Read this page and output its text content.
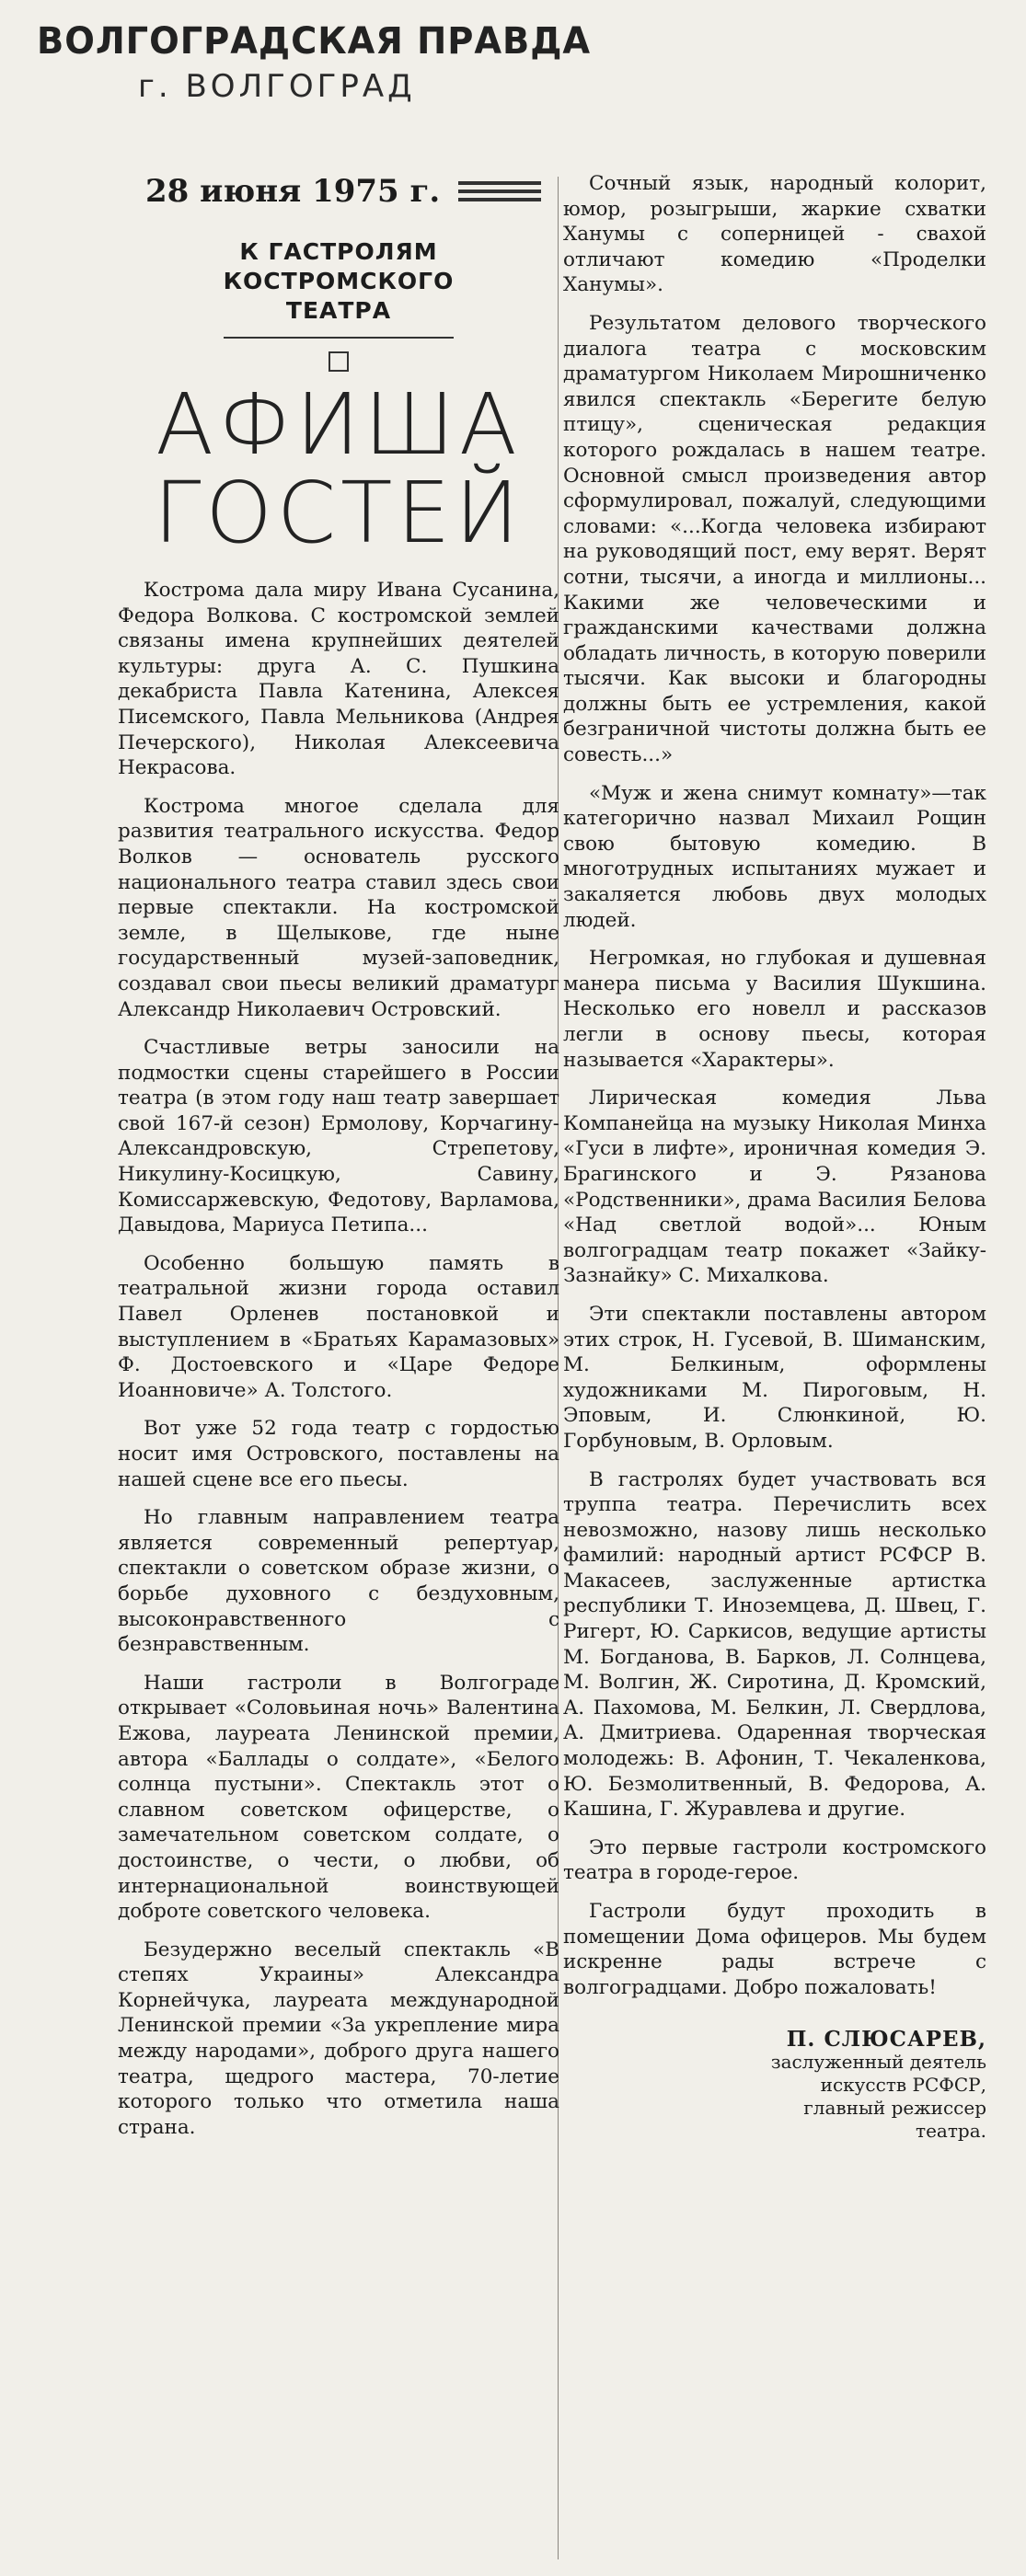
ВОЛГОГРАДСКАЯ ПРАВДА
г. ВОЛГОГРАД
28 июня 1975 г.
К ГАСТРОЛЯМ
КОСТРОМСКОГО
ТЕАТРА
АФИША
ГОСТЕЙ

Кострома дала миру Ивана Сусанина, Федора Волкова. С костромской землей связаны имена крупнейших деятелей культуры: друга А. С. Пушкина декабриста Павла Катенина, Алексея Писемского, Павла Мельникова (Андрея Печерского), Николая Алексеевича Некрасова.

Кострома многое сделала для развития театрального искусства. Федор Волков — основатель русского национального театра ставил здесь свои первые спектакли. На костромской земле, в Щелыкове, где ныне государственный музей-заповедник, создавал свои пьесы великий драматург Александр Николаевич Островский.

Счастливые ветры заносили на подмостки сцены старейшего в России театра (в этом году наш театр завершает свой 167-й сезон) Ермолову, Корчагину-Александровскую, Стрепетову, Никулину-Косицкую, Савину, Комиссаржевскую, Федотову, Варламова, Давыдова, Мариуса Петипа...

Особенно большую память в театральной жизни города оставил Павел Орленев постановкой и выступлением в «Братьях Карамазовых» Ф. Достоевского и «Царе Федоре Иоанновиче» А. Толстого.

Вот уже 52 года театр с гордостью носит имя Островского, поставлены на нашей сцене все его пьесы.

Но главным направлением театра является современный репертуар, спектакли о советском образе жизни, о борьбе духовного с бездуховным, высоконравственного с безнравственным.

Наши гастроли в Волгограде открывает «Соловьиная ночь» Валентина Ежова, лауреата Ленинской премии, автора «Баллады о солдате», «Белого солнца пустыни». Спектакль этот о славном советском офицерстве, о замечательном советском солдате, о достоинстве, о чести, о любви, об интернациональной воинствующей доброте советского человека.

Безудержно веселый спектакль «В степях Украины» Александра Корнейчука, лауреата международной Ленинской премии «За укрепление мира между народами», доброго друга нашего театра, щедрого мастера, 70-летие которого только что отметила наша страна.

Сочный язык, народный колорит, юмор, розыгрыши, жаркие схватки Ханумы с соперницей - свахой отличают комедию «Проделки Ханумы».

Результатом делового творческого диалога театра с московским драматургом Николаем Мирошниченко явился спектакль «Берегите белую птицу», сценическая редакция которого рождалась в нашем театре. Основной смысл произведения автор сформулировал, пожалуй, следующими словами: «...Когда человека избирают на руководящий пост, ему верят. Верят сотни, тысячи, а иногда и миллионы... Какими же человеческими и гражданскими качествами должна обладать личность, в которую поверили тысячи. Как высоки и благородны должны быть ее устремления, какой безграничной чистоты должна быть ее совесть...»

«Муж и жена снимут комнату»—так категорично назвал Михаил Рощин свою бытовую комедию. В многотрудных испытаниях мужает и закаляется любовь двух молодых людей.

Негромкая, но глубокая и душевная манера письма у Василия Шукшина. Несколько его новелл и рассказов легли в основу пьесы, которая называется «Характеры».

Лирическая комедия Льва Компанейца на музыку Николая Минха «Гуси в лифте», ироничная комедия Э. Брагинского и Э. Рязанова «Родственники», драма Василия Белова «Над светлой водой»... Юным волгоградцам театр покажет «Зайку-Зазнайку» С. Михалкова.

Эти спектакли поставлены автором этих строк, Н. Гусевой, В. Шиманским, М. Белкиным, оформлены художниками М. Пироговым, Н. Эповым, И. Слюнкиной, Ю. Горбуновым, В. Орловым.

В гастролях будет участвовать вся труппа театра. Перечислить всех невозможно, назову лишь несколько фамилий: народный артист РСФСР В. Макасеев, заслуженные артистка республики Т. Иноземцева, Д. Швец, Г. Ригерт, Ю. Саркисов, ведущие артисты М. Богданова, В. Барков, Л. Солнцева, М. Волгин, Ж. Сиротина, Д. Кромский, А. Пахомова, М. Белкин, Л. Свердлова, А. Дмитриева. Одаренная творческая молодежь: В. Афонин, Т. Чекаленкова, Ю. Безмолитвенный, В. Федорова, А. Кашина, Г. Журавлева и другие.

Это первые гастроли костромского театра в городе-герое.

Гастроли будут проходить в помещении Дома офицеров. Мы будем искренне рады встрече с волгоградцами. Добро пожаловать!

П. СЛЮСАРЕВ,
заслуженный деятель
искусств РСФСР,
главный режиссер
театра.
